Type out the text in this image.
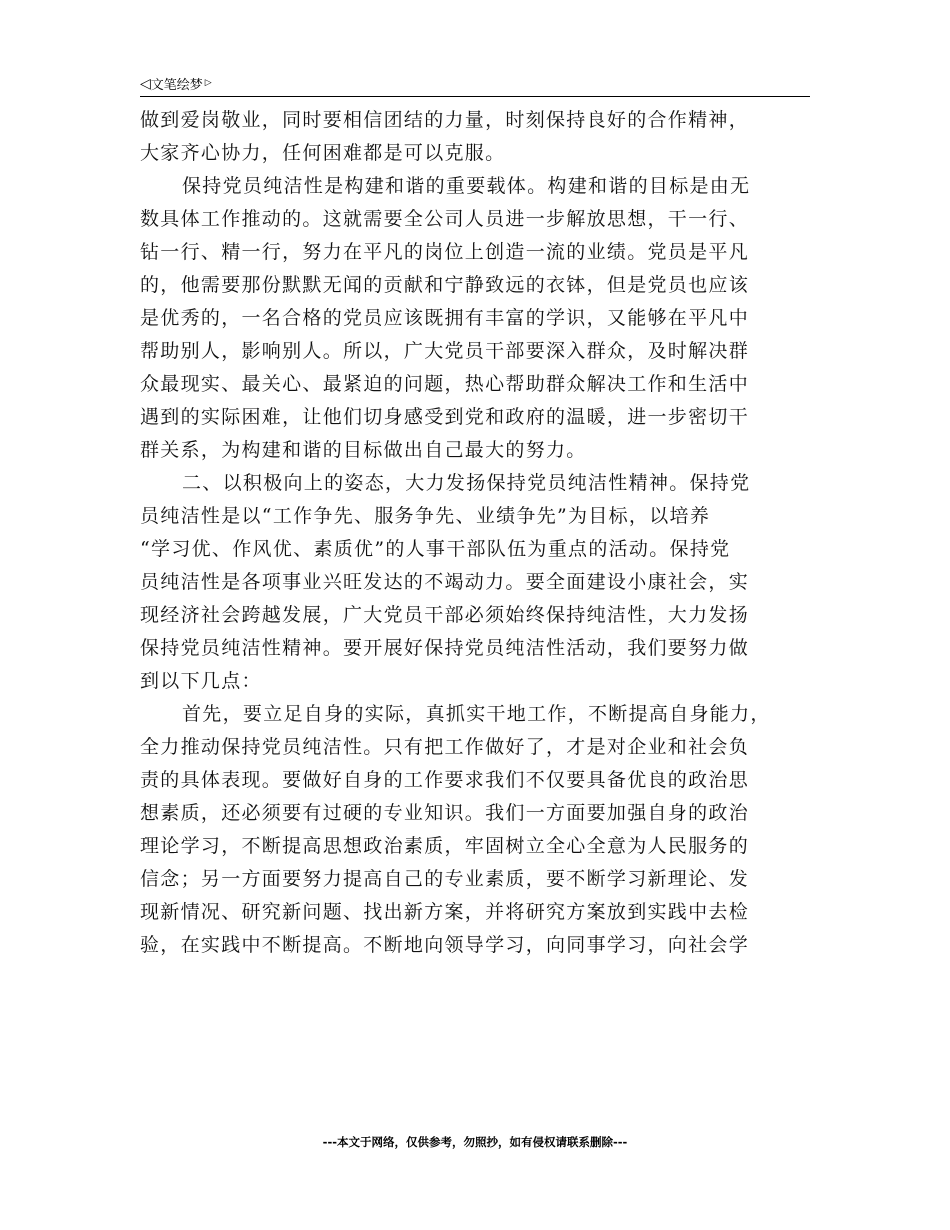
◁ 文笔绘梦 ▷
做到爱岗敬业，同时要相信团结的力量，时刻保持良好的合作精神，
大家齐心协力，任何困难都是可以克服。
保持党员纯洁性是构建和谐的重要载体。构建和谐的目标是由无
数具体工作推动的。这就需要全公司人员进一步解放思想，干一行、
钻一行、精一行，努力在平凡的岗位上创造一流的业绩。党员是平凡
的，他需要那份默默无闻的贡献和宁静致远的衣钵，但是党员也应该
是优秀的，一名合格的党员应该既拥有丰富的学识，又能够在平凡中
帮助别人，影响别人。所以，广大党员干部要深入群众，及时解决群
众最现实、最关心、最紧迫的问题，热心帮助群众解决工作和生活中
遇到的实际困难，让他们切身感受到党和政府的温暖，进一步密切干
群关系，为构建和谐的目标做出自己最大的努力。
二、以积极向上的姿态，大力发扬保持党员纯洁性精神。保持党
员纯洁性是以“工作争先、服务争先、业绩争先”为目标，以培养
“学习优、作风优、素质优”的人事干部队伍为重点的活动。保持党
员纯洁性是各项事业兴旺发达的不竭动力。要全面建设小康社会，实
现经济社会跨越发展，广大党员干部必须始终保持纯洁性，大力发扬
保持党员纯洁性精神。要开展好保持党员纯洁性活动，我们要努力做
到以下几点：
首先，要立足自身的实际，真抓实干地工作，不断提高自身能力，
全力推动保持党员纯洁性。只有把工作做好了，才是对企业和社会负
责的具体表现。要做好自身的工作要求我们不仅要具备优良的政治思
想素质，还必须要有过硬的专业知识。我们一方面要加强自身的政治
理论学习，不断提高思想政治素质，牢固树立全心全意为人民服务的
信念；另一方面要努力提高自己的专业素质，要不断学习新理论、发
现新情况、研究新问题、找出新方案，并将研究方案放到实践中去检
验，在实践中不断提高。不断地向领导学习，向同事学习，向社会学
---本文于网络，仅供参考，勿照抄，如有侵权请联系删除---
